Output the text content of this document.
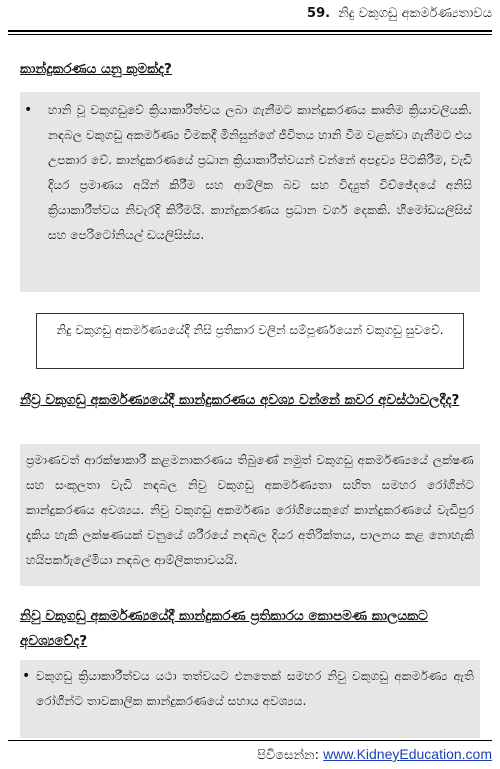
59. නිදු වකුගඩු අකර්මණ්‍යතාවය
කාන්දුකරණය යනු කුමක්ද?
•	හානි වූ වකුගඩුවේ ක්‍රියාකාරීත්වය ලබා ගැනීමට කාන්දුකරණය කෘතිම ක්‍රියාවලියකි. නඳබල වකුගඩු අකර්මණ්‍ය වීමකදී මිනිසුන්ගේ ජීවිතය හානි වීම වළක්වා ගැනීමට එය උපකාර වේ. කාන්දුකරණයේ ප්‍රධාන ක්‍රියාකාරීත්වයන් වන්නේ අපද්‍රව්‍ය පිටකිරීම, වැඩි දියර ප්‍රමාණය අයින් කිරීම සහ ආම්ලික බව සහ විද්‍යුත් විච්ඡේදයේ අනිසි ක්‍රියාකාරීත්වය නිවැරදි කිරීමයි. කාන්දුකරණය ප්‍රධාන වර්ග දෙකකි. හීමෝඩයලිසිස් සහ පෙරිටෝනියල් ඩයලිසිස්ය.
නිදු වකුගඩු අකර්මණ්‍යයේදී නිසි ප්‍රතිකාර වලින් සම්පූර්ණයෙන් වකුගඩු සුවවේ.
නීව්‍ර වකුගඩු අකර්මණ්‍යයේදී කාන්දුකරණය අවශ්‍ය වන්නේ කවර අවස්ථාවලදීද?
ප්‍රමාණවත් ආරක්ෂාකාරී කළමනාකරණය තිබුණේ නමුත් වකුගඩු අකර්මණ්‍යයේ ලක්ෂණ සහ සංකූලතා වැඩි නඳබල නිවු වකුගඩු අකර්මණ්‍යතා සහිත සමහර රෝගීන්ට කාන්දුකරණය අවශ්‍යය. නිවු වකුගඩු අකර්මණ්‍ය රෝගියෙකුගේ කාන්දුකරණයේ වැඩිපුර දැකිය හැකි ලක්ෂණයක් වනුයේ ශරීරයේ නඳබල දියර අතිරික්තය, පාලනය කළ නොහැකි හයිපර්කැලේමියා නඳබල ආම්ලිකතාවයයි.
නිවු වකුගඩු අකර්මණ්‍යයේදී කාන්දුකරණ ප්‍රතිකාරය කොපමණ කාලයකට අවශ්‍යවේද?
• වකුගඩු ක්‍රියාකාරීත්වය යථා තත්වයට එනතෙක් සමහර නිවු වකුගඩු අකර්මණ්‍ය ඇති රෝගීන්ට තාවකාලික කාන්දුකරණයේ සහාය අවශ්‍යය.
පිවිසෙන්න: www.KidneyEducation.com
